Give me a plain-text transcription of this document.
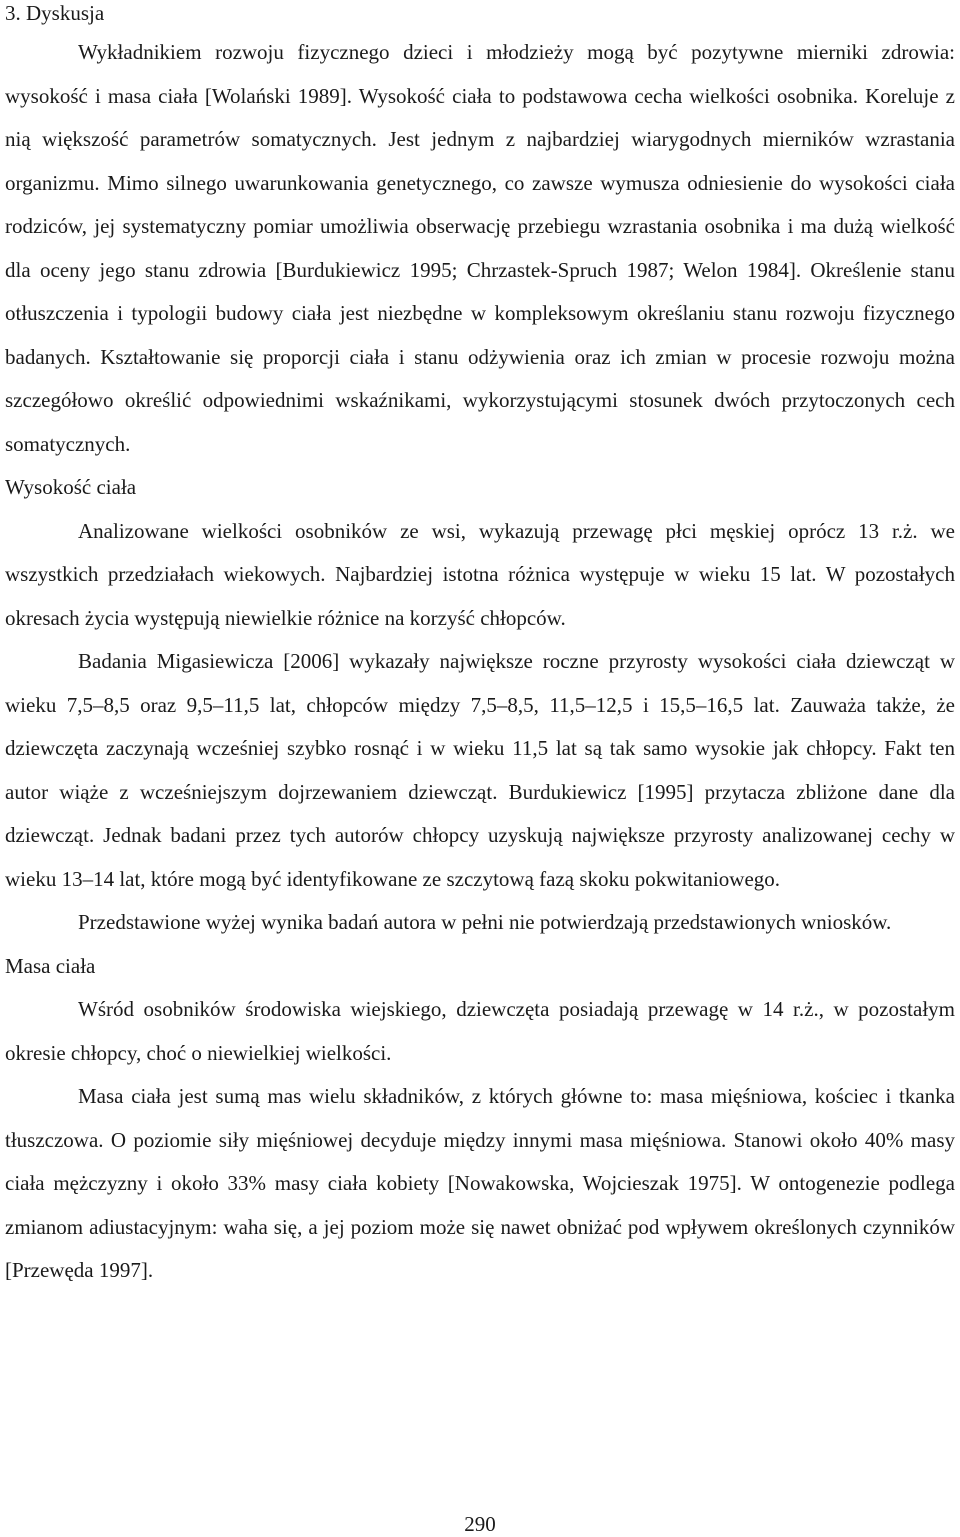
3. Dyskusja

Wykładnikiem rozwoju fizycznego dzieci i młodzieży mogą być pozytywne mierniki zdrowia: wysokość i masa ciała [Wolański 1989]. Wysokość ciała to podstawowa cecha wielkości osobnika. Koreluje z nią większość parametrów somatycznych. Jest jednym z najbardziej wiarygodnych mierników wzrastania organizmu. Mimo silnego uwarunkowania genetycznego, co zawsze wymusza odniesienie do wysokości ciała rodziców, jej systematyczny pomiar umożliwia obserwację przebiegu wzrastania osobnika i ma dużą wielkość dla oceny jego stanu zdrowia [Burdukiewicz 1995; Chrzastek-Spruch 1987; Welon 1984]. Określenie stanu otłuszczenia i typologii budowy ciała jest niezbędne w kompleksowym określaniu stanu rozwoju fizycznego badanych. Kształtowanie się proporcji ciała i stanu odżywienia oraz ich zmian w procesie rozwoju można szczegółowo określić odpowiednimi wskaźnikami, wykorzystującymi stosunek dwóch przytoczonych cech somatycznych.

Wysokość ciała

Analizowane wielkości osobników ze wsi, wykazują przewagę płci męskiej oprócz 13 r.ż. we wszystkich przedziałach wiekowych. Najbardziej istotna różnica występuje w wieku 15 lat. W pozostałych okresach życia występują niewielkie różnice na korzyść chłopców.

Badania Migasiewicza [2006] wykazały największe roczne przyrosty wysokości ciała dziewcząt w wieku 7,5–8,5 oraz 9,5–11,5 lat, chłopców między 7,5–8,5, 11,5–12,5 i 15,5–16,5 lat. Zauważa także, że dziewczęta zaczynają wcześniej szybko rosnąć i w wieku 11,5 lat są tak samo wysokie jak chłopcy. Fakt ten autor wiąże z wcześniejszym dojrzewaniem dziewcząt. Burdukiewicz [1995] przytacza zbliżone dane dla dziewcząt. Jednak badani przez tych autorów chłopcy uzyskują największe przyrosty analizowanej cechy w wieku 13–14 lat, które mogą być identyfikowane ze szczytową fazą skoku pokwitaniowego.

Przedstawione wyżej wynika badań autora w pełni nie potwierdzają przedstawionych wniosków.

Masa ciała

Wśród osobników środowiska wiejskiego, dziewczęta posiadają przewagę w 14 r.ż., w pozostałym okresie chłopcy, choć o niewielkiej wielkości.

Masa ciała jest sumą mas wielu składników, z których główne to: masa mięśniowa, kościec i tkanka tłuszczowa. O poziomie siły mięśniowej decyduje między innymi masa mięśniowa. Stanowi około 40% masy ciała mężczyzny i około 33% masy ciała kobiety [Nowakowska, Wojcieszak 1975]. W ontogenezie podlega zmianom adiustacyjnym: waha się, a jej poziom może się nawet obniżać pod wpływem określonych czynników [Przewęda 1997].

290
